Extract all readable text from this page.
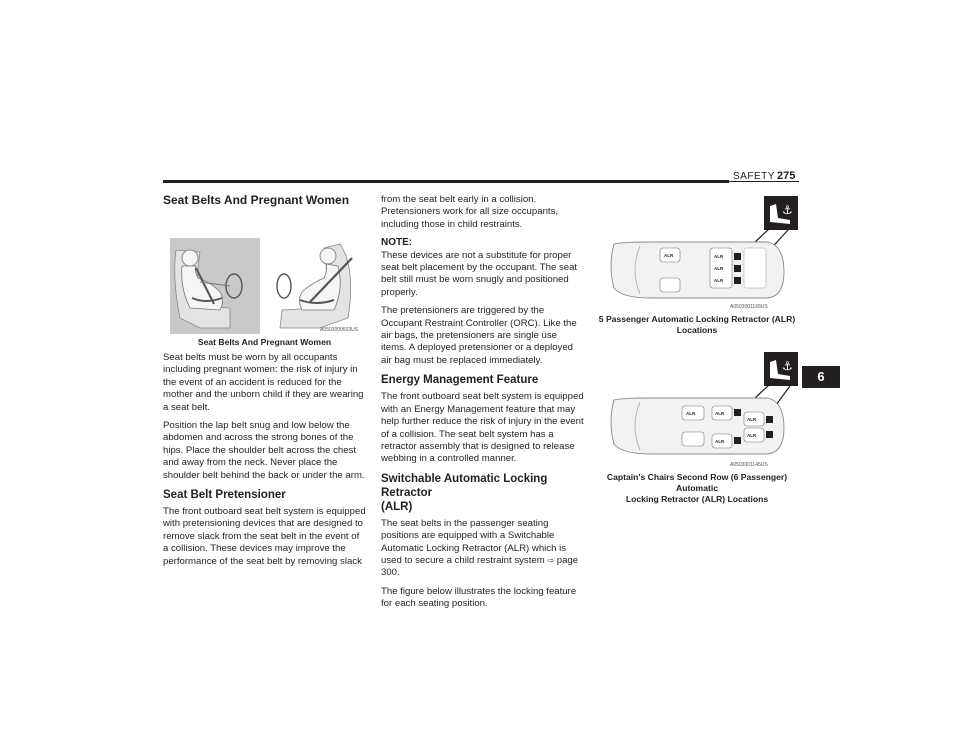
SAFETY 275
Seat Belts And Pregnant Women
A0503000603US
Seat Belts And Pregnant Women

Seat belts must be worn by all occupants including pregnant women: the risk of injury in the event of an accident is reduced for the mother and the unborn child if they are wearing a seat belt.

Position the lap belt snug and low below the abdomen and across the strong bones of the hips. Place the shoulder belt across the chest and away from the neck. Never place the shoulder belt behind the back or under the arm.

Seat Belt Pretensioner

The front outboard seat belt system is equipped with pretensioning devices that are designed to remove slack from the seat belt in the event of a collision. These devices may improve the performance of the seat belt by removing slack

from the seat belt early in a collision. Pretensioners work for all size occupants, including those in child restraints.

NOTE:

These devices are not a substitute for proper seat belt placement by the occupant. The seat belt still must be worn snugly and positioned properly.

The pretensioners are triggered by the Occupant Restraint Controller (ORC). Like the air bags, the pretensioners are single use items. A deployed pretensioner or a deployed air bag must be replaced immediately.

Energy Management Feature

The front outboard seat belt system is equipped with an Energy Management feature that may help further reduce the risk of injury in the event of a collision. The seat belt system has a retractor assembly that is designed to release webbing in a controlled manner.

Switchable Automatic Locking Retractor
(ALR)

The seat belts in the passenger seating positions are equipped with a Switchable Automatic Locking Retractor (ALR) which is used to secure a child restraint system ⇨ page 300.

The figure below illustrates the locking feature for each seating position.

⚓
ALR	ALR
ALR
ALR
A0503001168US
5 Passenger Automatic Locking Retractor (ALR) Locations
⚓
ALR	ALR
ALR
ALR
ALR
A0503001145US
Captain's Chairs Second Row (6 Passenger) Automatic
Locking Retractor (ALR) Locations
6
